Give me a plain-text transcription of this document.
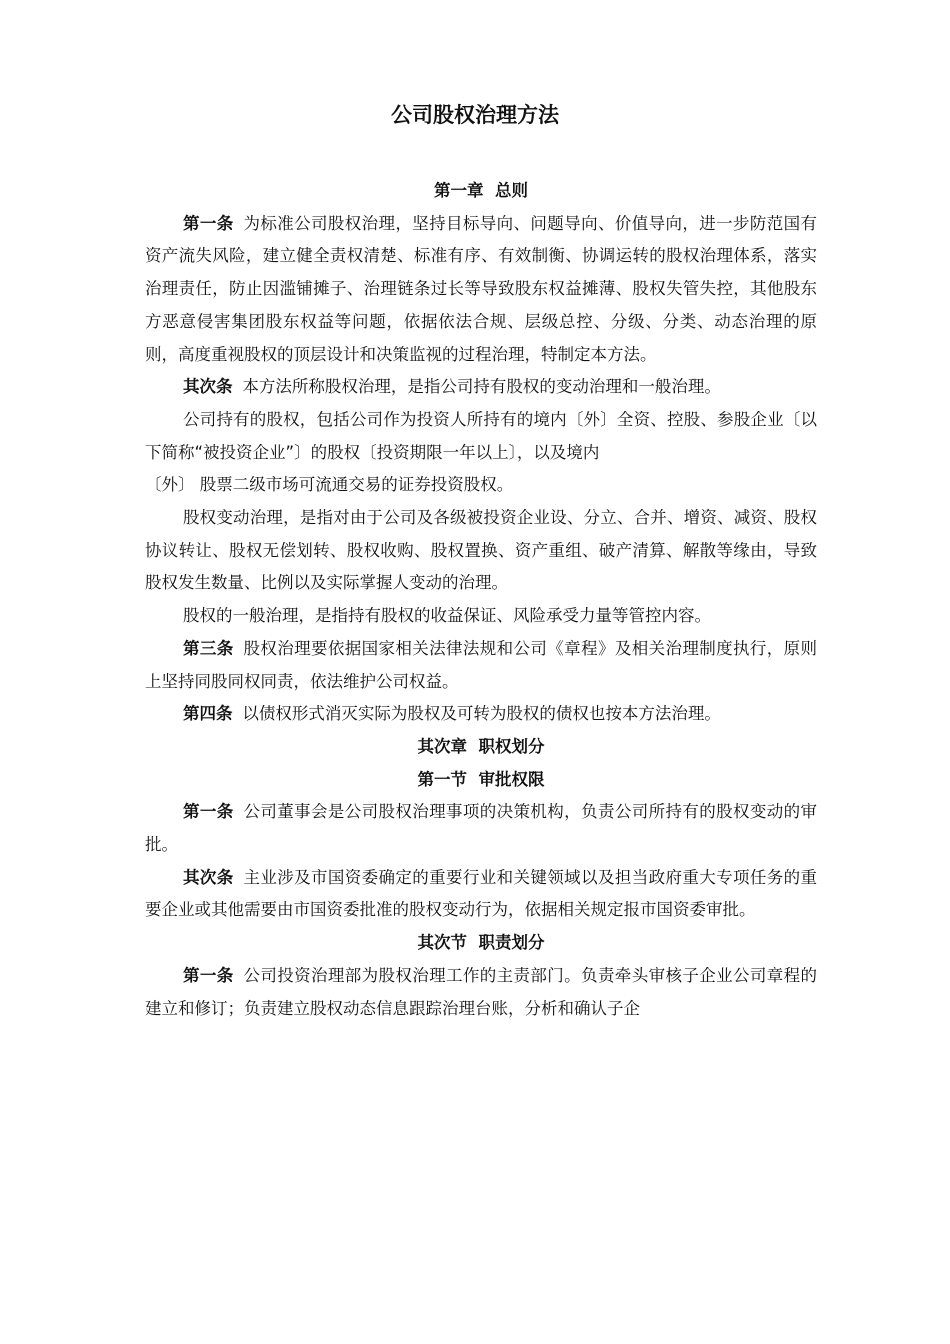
公司股权治理方法

第一章 总则

第一条 为标准公司股权治理，坚持目标导向、问题导向、价值导向，进一步防范国有资产流失风险，建立健全责权清楚、标准有序、有效制衡、协调运转的股权治理体系，落实治理责任，防止因滥铺摊子、治理链条过长等导致股东权益摊薄、股权失管失控，其他股东方恶意侵害集团股东权益等问题，依据依法合规、层级总控、分级、分类、动态治理的原则，高度重视股权的顶层设计和决策监视的过程治理，特制定本方法。

其次条 本方法所称股权治理，是指公司持有股权的变动治理和一般治理。

公司持有的股权，包括公司作为投资人所持有的境内〔外〕全资、控股、参股企业〔以下简称“被投资企业”〕的股权〔投资期限一年以上〕，以及境内

〔外〕 股票二级市场可流通交易的证券投资股权。

股权变动治理，是指对由于公司及各级被投资企业设、分立、合并、增资、减资、股权协议转让、股权无偿划转、股权收购、股权置换、资产重组、破产清算、解散等缘由，导致股权发生数量、比例以及实际掌握人变动的治理。

股权的一般治理，是指持有股权的收益保证、风险承受力量等管控内容。

第三条 股权治理要依据国家相关法律法规和公司《章程》及相关治理制度执行，原则上坚持同股同权同责，依法维护公司权益。

第四条 以债权形式消灭实际为股权及可转为股权的债权也按本方法治理。

其次章 职权划分

第一节 审批权限

第一条 公司董事会是公司股权治理事项的决策机构，负责公司所持有的股权变动的审批。

其次条 主业涉及市国资委确定的重要行业和关键领域以及担当政府重大专项任务的重要企业或其他需要由市国资委批准的股权变动行为，依据相关规定报市国资委审批。

其次节 职责划分

第一条 公司投资治理部为股权治理工作的主责部门。负责牵头审核子企业公司章程的建立和修订；负责建立股权动态信息跟踪治理台账，分析和确认子企
